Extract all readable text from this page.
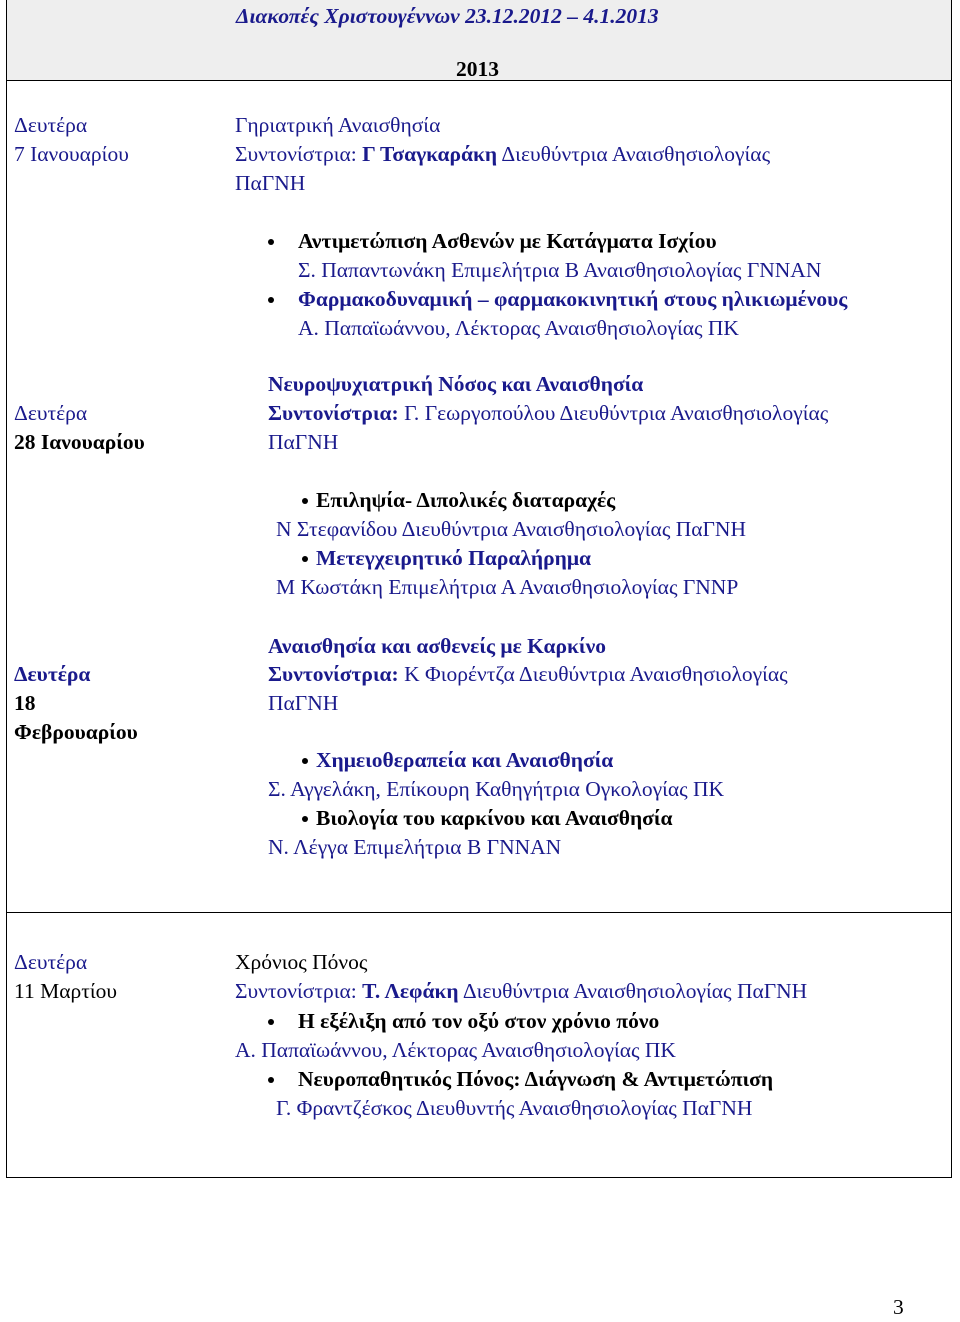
Διακοπές Χριστουγέννων 23.12.2012 – 4.1.2013
2013
Δευτέρα
7 Ιανουαρίου
Γηριατρική Αναισθησία
Συντονίστρια: Γ Τσαγκαράκη Διευθύντρια Αναισθησιολογίας
ΠαΓΝΗ
Αντιμετώπιση Ασθενών με Κατάγματα Ισχίου
Σ. Παπαντωνάκη Επιμελήτρια Β Αναισθησιολογίας ΓΝΝΑΝ
Φαρμακοδυναμική – φαρμακοκινητική στους ηλικιωμένους
Α. Παπαϊωάννου, Λέκτορας Αναισθησιολογίας ΠΚ
Δευτέρα
28 Ιανουαρίου
Νευροψυχιατρική Νόσος και Αναισθησία
Συντονίστρια: Γ. Γεωργοπούλου Διευθύντρια Αναισθησιολογίας
ΠαΓΝΗ
Επιληψία- Διπολικές διαταραχές
Ν Στεφανίδου Διευθύντρια Αναισθησιολογίας ΠαΓΝΗ
Μετεγχειρητικό Παραλήρημα
Μ Κωστάκη Επιμελήτρια Α Αναισθησιολογίας ΓΝΝΡ
Δευτέρα
18
Φεβρουαρίου
Αναισθησία και ασθενείς με Καρκίνο
Συντονίστρια: Κ Φιορέντζα Διευθύντρια Αναισθησιολογίας
ΠαΓΝΗ
Χημειοθεραπεία και Αναισθησία
Σ. Αγγελάκη, Επίκουρη Καθηγήτρια Ογκολογίας ΠΚ
Βιολογία του καρκίνου και Αναισθησία
Ν. Λέγγα Επιμελήτρια Β ΓΝΝΑΝ
Δευτέρα
11 Μαρτίου
Χρόνιος Πόνος
Συντονίστρια: Τ. Λεφάκη Διευθύντρια Αναισθησιολογίας ΠαΓΝΗ
Η εξέλιξη από τον οξύ στον χρόνιο πόνο
Α. Παπαϊωάννου, Λέκτορας Αναισθησιολογίας ΠΚ
Νευροπαθητικός Πόνος: Διάγνωση & Αντιμετώπιση
Γ. Φραντζέσκος Διευθυντής Αναισθησιολογίας ΠαΓΝΗ
3
